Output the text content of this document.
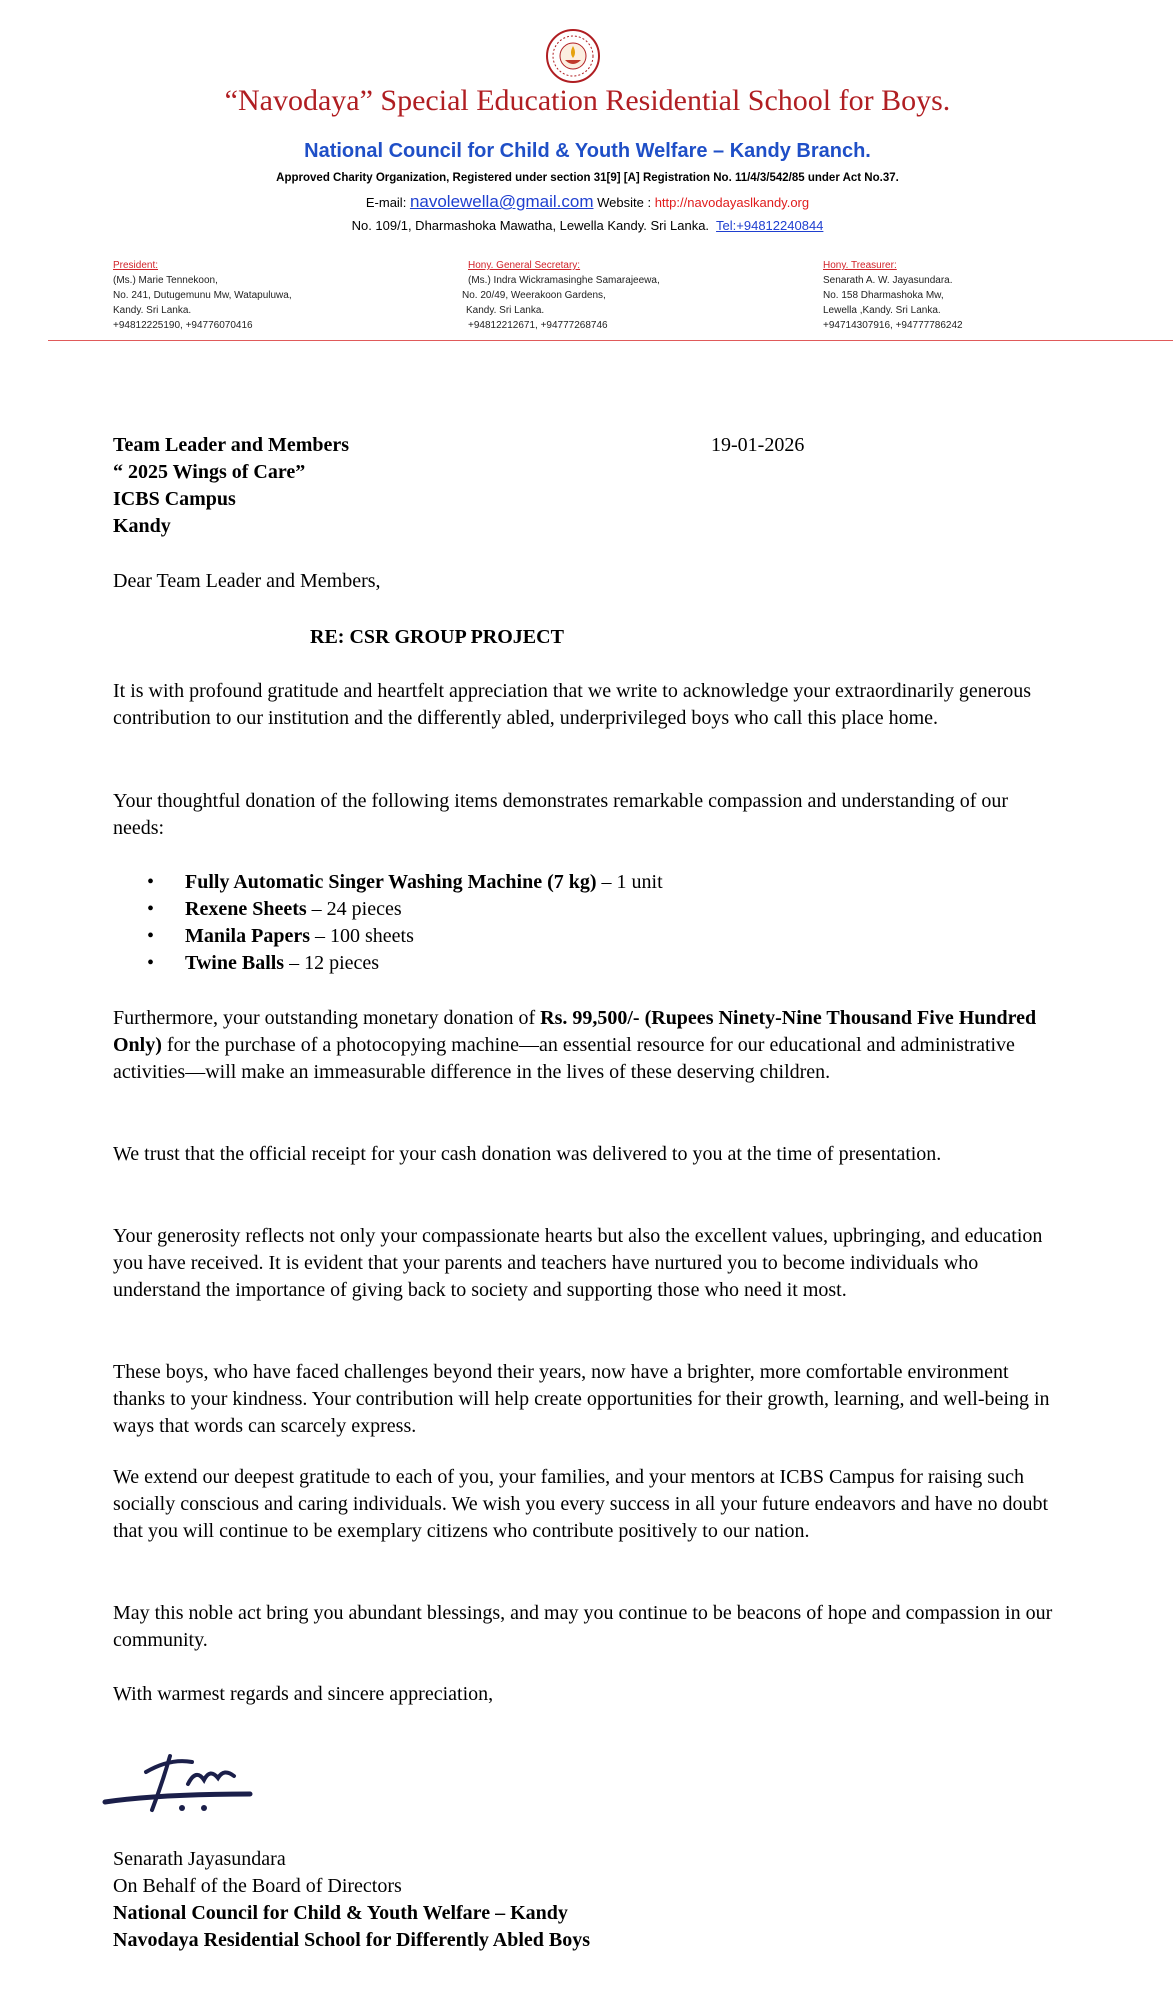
“Navodaya” Special Education Residential School for Boys.
National Council for Child & Youth Welfare – Kandy Branch.
Approved Charity Organization, Registered under section 31[9] [A] Registration No. 11/4/3/542/85 under Act No.37.
E-mail: navolewella@gmail.com Website : http://navodayaslkandy.org
No. 109/1, Dharmashoka Mawatha, Lewella Kandy. Sri Lanka. Tel:+94812240844
President:
(Ms.) Marie Tennekoon,
No. 241, Dutugemunu Mw, Watapuluwa,
Kandy. Sri Lanka.
+94812225190, +94776070416
Hony. General Secretary:
(Ms.) Indra Wickramasinghe Samarajeewa,
No. 20/49, Weerakoon Gardens,
Kandy. Sri Lanka.
+94812212671, +94777268746
Hony. Treasurer:
Senarath A. W. Jayasundara.
No. 158 Dharmashoka Mw,
Lewella ,Kandy. Sri Lanka.
+94714307916, +94777786242
Team Leader and Members
“ 2025 Wings of Care”
ICBS Campus
Kandy
19-01-2026
Dear Team Leader and Members,
RE: CSR GROUP PROJECT
It is with profound gratitude and heartfelt appreciation that we write to acknowledge your extraordinarily generous contribution to our institution and the differently abled, underprivileged boys who call this place home.
Your thoughtful donation of the following items demonstrates remarkable compassion and understanding of our needs:
• Fully Automatic Singer Washing Machine (7 kg) – 1 unit
• Rexene Sheets – 24 pieces
• Manila Papers – 100 sheets
• Twine Balls – 12 pieces
Furthermore, your outstanding monetary donation of Rs. 99,500/- (Rupees Ninety-Nine Thousand Five Hundred Only) for the purchase of a photocopying machine—an essential resource for our educational and administrative activities—will make an immeasurable difference in the lives of these deserving children.
We trust that the official receipt for your cash donation was delivered to you at the time of presentation.
Your generosity reflects not only your compassionate hearts but also the excellent values, upbringing, and education you have received. It is evident that your parents and teachers have nurtured you to become individuals who understand the importance of giving back to society and supporting those who need it most.
These boys, who have faced challenges beyond their years, now have a brighter, more comfortable environment thanks to your kindness. Your contribution will help create opportunities for their growth, learning, and well-being in ways that words can scarcely express.
We extend our deepest gratitude to each of you, your families, and your mentors at ICBS Campus for raising such socially conscious and caring individuals. We wish you every success in all your future endeavors and have no doubt that you will continue to be exemplary citizens who contribute positively to our nation.
May this noble act bring you abundant blessings, and may you continue to be beacons of hope and compassion in our community.
With warmest regards and sincere appreciation,
Senarath Jayasundara
On Behalf of the Board of Directors
National Council for Child & Youth Welfare – Kandy
Navodaya Residential School for Differently Abled Boys
